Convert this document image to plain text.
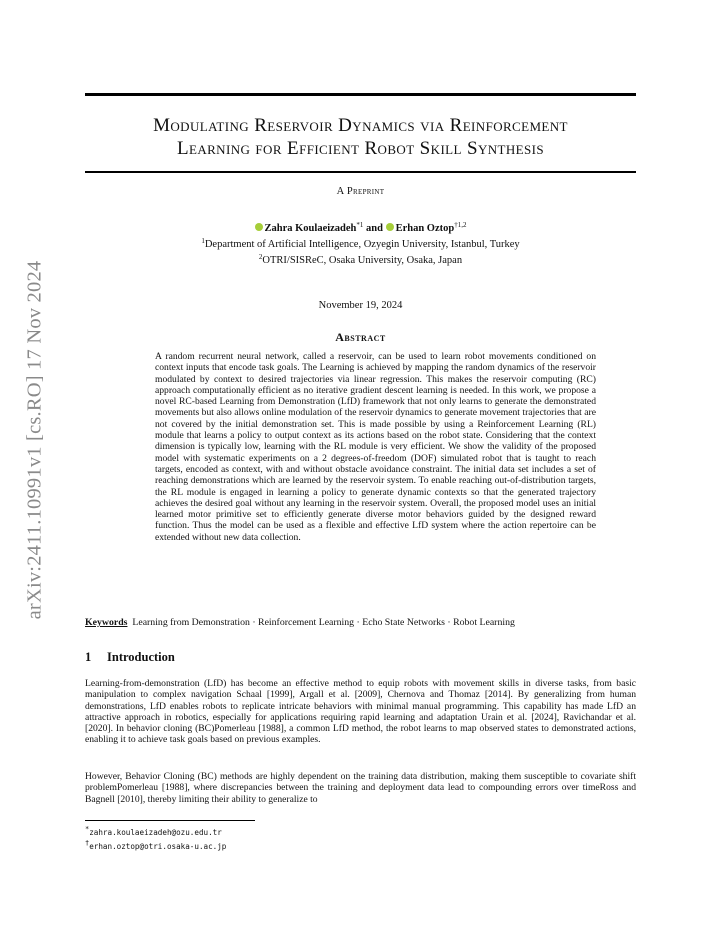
arXiv:2411.10991v1 [cs.RO] 17 Nov 2024
Modulating Reservoir Dynamics via Reinforcement
Learning for Efficient Robot Skill Synthesis
A Preprint
Zahra Koulaeizadeh$^{*1}$ and Erhan Oztop$^{\dagger 1,2}$
$^1$Department of Artificial Intelligence, Ozyegin University, Istanbul, Turkey
$^2$OTRI/SISReC, Osaka University, Osaka, Japan
November 19, 2024
Abstract
A random recurrent neural network, called a reservoir, can be used to learn robot movements conditioned on context inputs that encode task goals. The Learning is achieved by mapping the random dynamics of the reservoir modulated by context to desired trajectories via linear regression. This makes the reservoir computing (RC) approach computationally efficient as no iterative gradient descent learning is needed. In this work, we propose a novel RC-based Learning from Demonstration (LfD) framework that not only learns to generate the demonstrated movements but also allows online modulation of the reservoir dynamics to generate movement trajectories that are not covered by the initial demonstration set. This is made possible by using a Reinforcement Learning (RL) module that learns a policy to output context as its actions based on the robot state. Considering that the context dimension is typically low, learning with the RL module is very efficient. We show the validity of the proposed model with systematic experiments on a 2 degrees-of-freedom (DOF) simulated robot that is taught to reach targets, encoded as context, with and without obstacle avoidance constraint. The initial data set includes a set of reaching demonstrations which are learned by the reservoir system. To enable reaching out-of-distribution targets, the RL module is engaged in learning a policy to generate dynamic contexts so that the generated trajectory achieves the desired goal without any learning in the reservoir system. Overall, the proposed model uses an initial learned motor primitive set to efficiently generate diverse motor behaviors guided by the designed reward function. Thus the model can be used as a flexible and effective LfD system where the action repertoire can be extended without new data collection.
Keywords Learning from Demonstration · Reinforcement Learning · Echo State Networks · Robot Learning
1 Introduction
Learning-from-demonstration (LfD) has become an effective method to equip robots with movement skills in diverse tasks, from basic manipulation to complex navigation Schaal [1999], Argall et al. [2009], Chernova and Thomaz [2014]. By generalizing from human demonstrations, LfD enables robots to replicate intricate behaviors with minimal manual programming. This capability has made LfD an attractive approach in robotics, especially for applications requiring rapid learning and adaptation Urain et al. [2024], Ravichandar et al. [2020]. In behavior cloning (BC)Pomerleau [1988], a common LfD method, the robot learns to map observed states to demonstrated actions, enabling it to achieve task goals based on previous examples.
However, Behavior Cloning (BC) methods are highly dependent on the training data distribution, making them susceptible to covariate shift problemPomerleau [1988], where discrepancies between the training and deployment data lead to compounding errors over timeRoss and Bagnell [2010], thereby limiting their ability to generalize to
*zahra.koulaeizadeh@ozu.edu.tr
†erhan.oztop@otri.osaka-u.ac.jp
